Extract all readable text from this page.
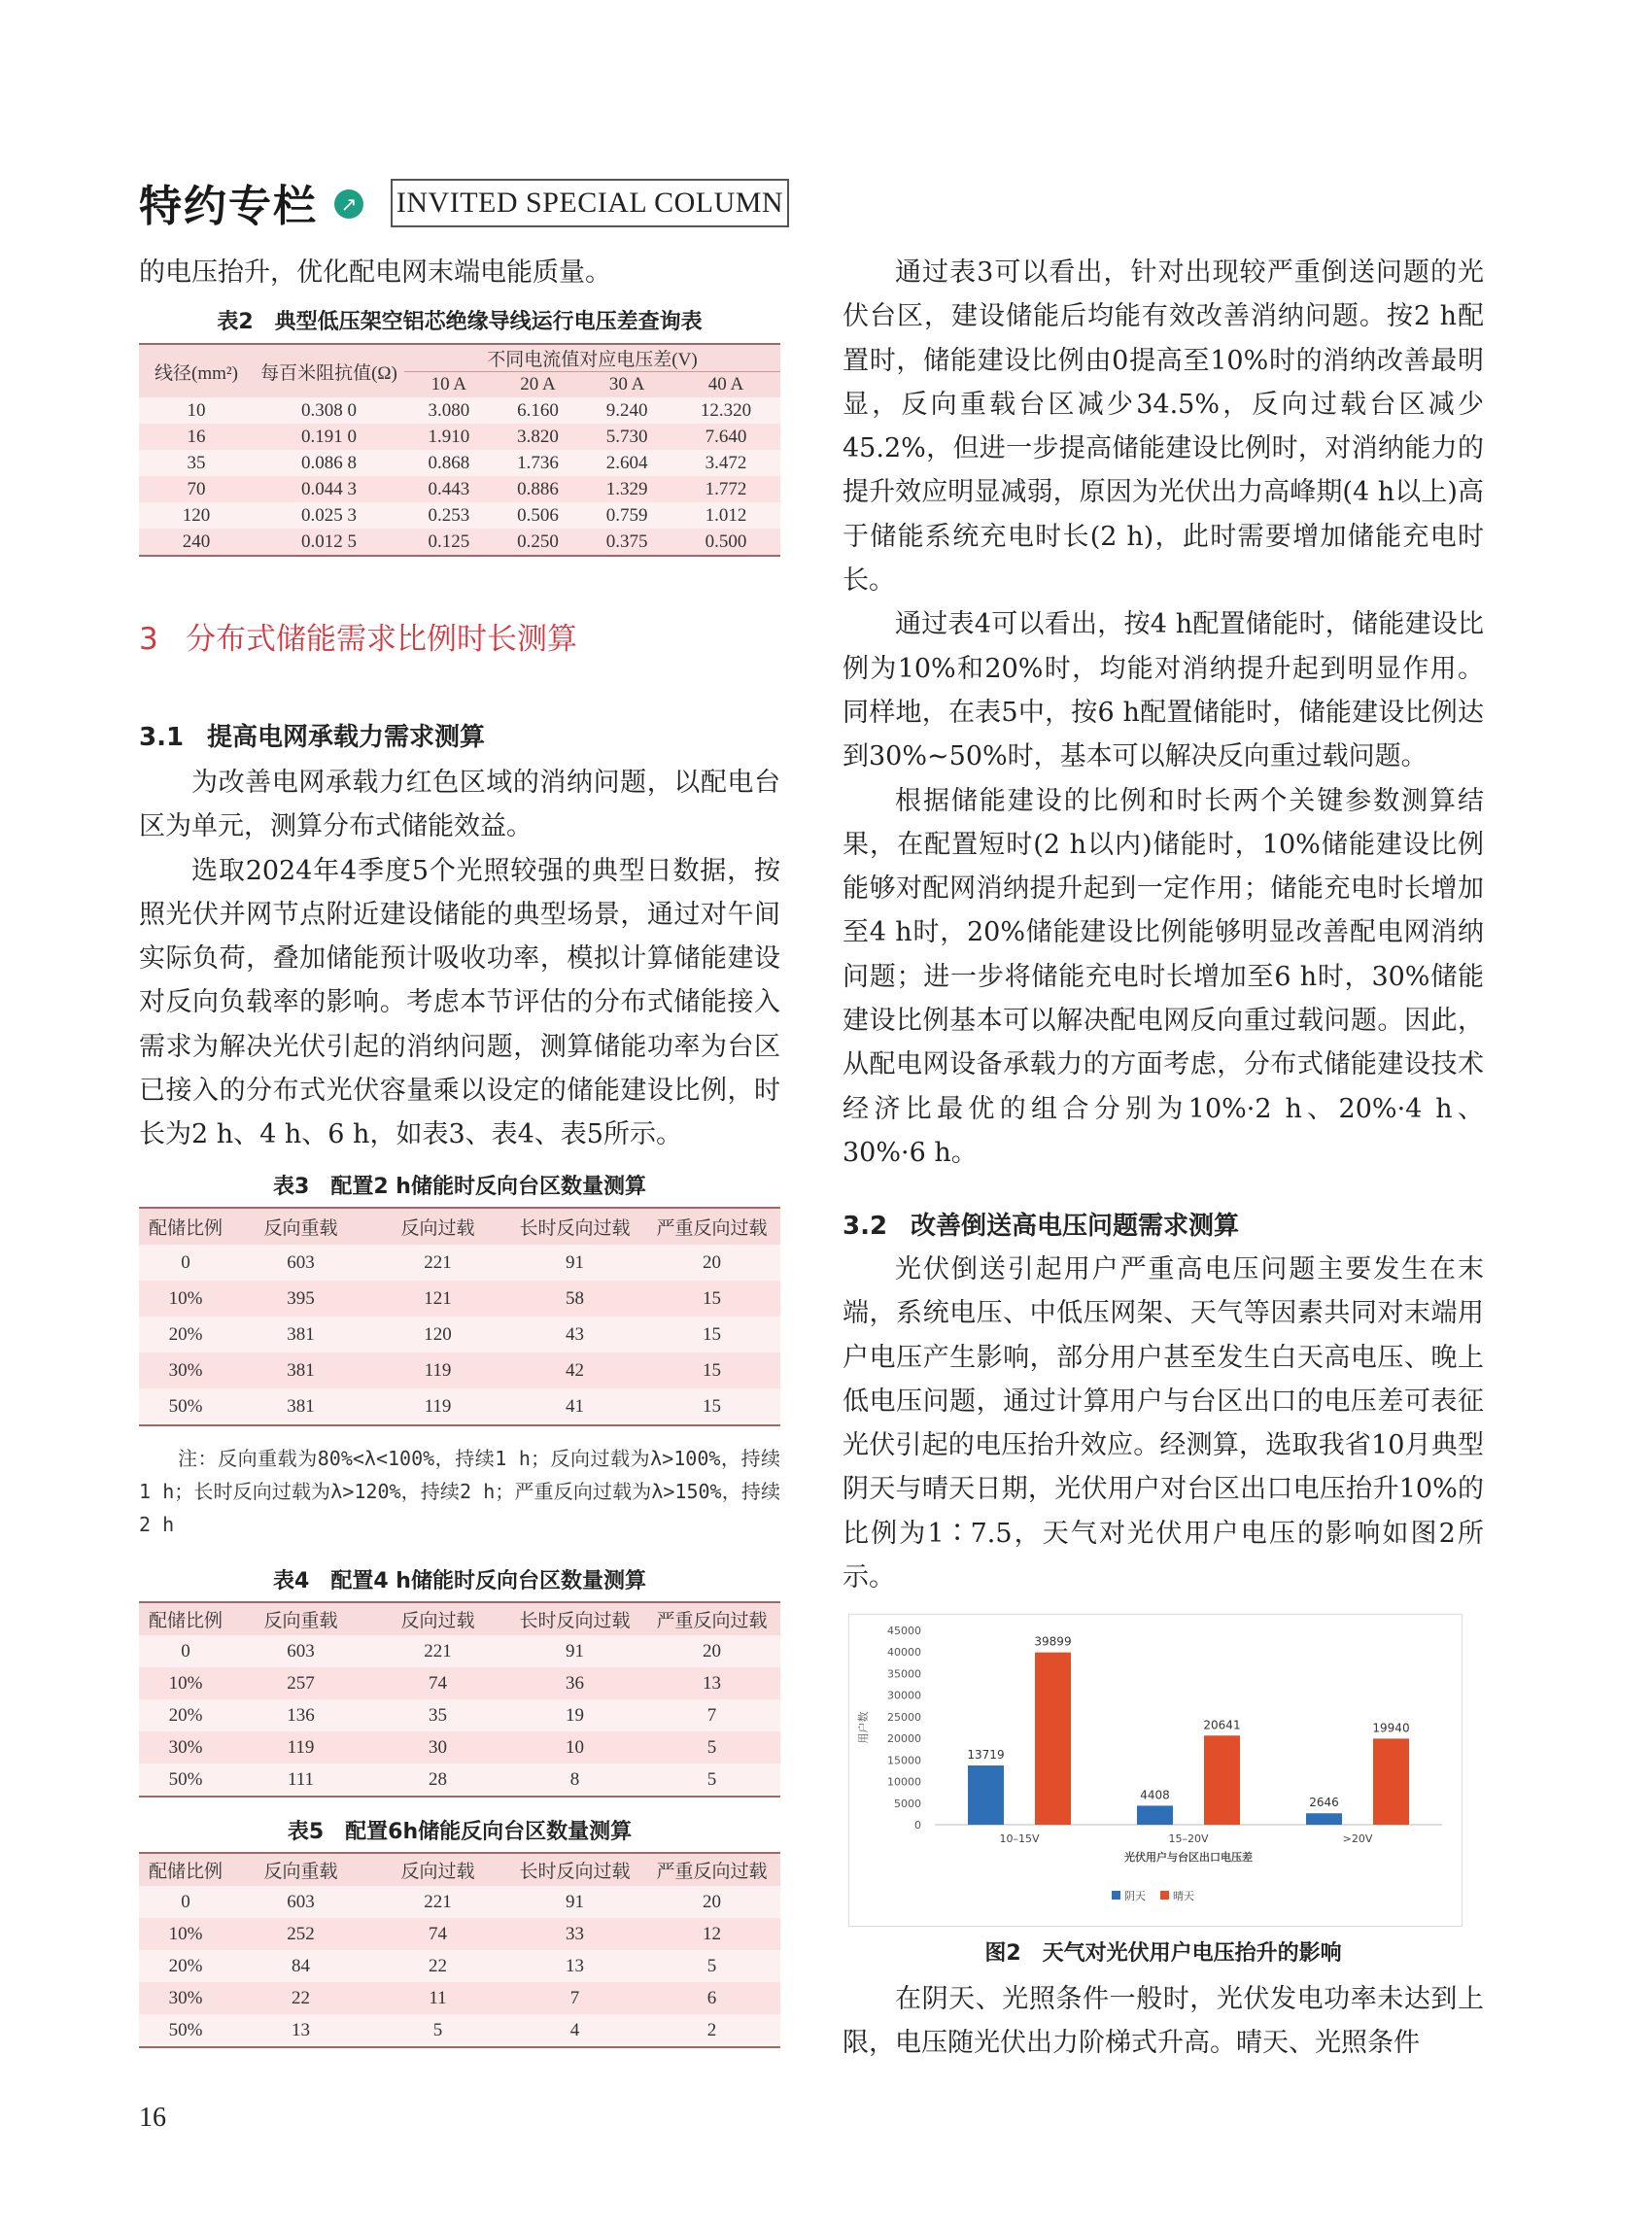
特约专栏	↗ INVITED SPECIAL COLUMN

的电压抬升，优化配电网末端电能质量。

表2　典型低压架空铝芯绝缘导线运行电压差查询表
线径(mm²)	每百米阻抗值(Ω)	不同电流值对应电压差(V)			
		10 A	20 A	30 A	40 A
10	0.308 0	3.080	6.160	9.240	12.320
16	0.191 0	1.910	3.820	5.730	7.640
35	0.086 8	0.868	1.736	2.604	3.472
70	0.044 3	0.443	0.886	1.329	1.772
120	0.025 3	0.253	0.506	0.759	1.012
240	0.012 5	0.125	0.250	0.375	0.500
3 分布式储能需求比例时长测算
3.1 提高电网承载力需求测算

为改善电网承载力红色区域的消纳问题，以配电台区为单元，测算分布式储能效益。

选取2024年4季度5个光照较强的典型日数据，按照光伏并网节点附近建设储能的典型场景，通过对午间实际负荷，叠加储能预计吸收功率，模拟计算储能建设对反向负载率的影响。考虑本节评估的分布式储能接入需求为解决光伏引起的消纳问题，测算储能功率为台区已接入的分布式光伏容量乘以设定的储能建设比例，时长为2 h、4 h、6 h，如表3、表4、表5所示。

表3　配置2 h储能时反向台区数量测算
配储比例	反向重载	反向过载	长时反向过载	严重反向过载
0	603	221	91	20
10%	395	121	58	15
20%	381	120	43	15
30%	381	119	42	15
50%	381	119	41	15
注：反向重载为80%<λ<100%，持续1 h；反向过载为λ>100%，持续1 h；长时反向过载为λ>120%，持续2 h；严重反向过载为λ>150%，持续2 h
表4　配置4 h储能时反向台区数量测算
配储比例	反向重载	反向过载	长时反向过载	严重反向过载
0	603	221	91	20
10%	257	74	36	13
20%	136	35	19	7
30%	119	30	10	5
50%	111	28	8	5
表5　配置6h储能反向台区数量测算
配储比例	反向重载	反向过载	长时反向过载	严重反向过载
0	603	221	91	20
10%	252	74	33	12
20%	84	22	13	5
30%	22	11	7	6
50%	13	5	4	2

通过表3可以看出，针对出现较严重倒送问题的光伏台区，建设储能后均能有效改善消纳问题。按2 h配置时，储能建设比例由0提高至10%时的消纳改善最明显，反向重载台区减少34.5%，反向过载台区减少45.2%，但进一步提高储能建设比例时，对消纳能力的提升效应明显减弱，原因为光伏出力高峰期(4 h以上)高于储能系统充电时长(2 h)，此时需要增加储能充电时长。

通过表4可以看出，按4 h配置储能时，储能建设比例为10%和20%时，均能对消纳提升起到明显作用。同样地，在表5中，按6 h配置储能时，储能建设比例达到30%~50%时，基本可以解决反向重过载问题。

根据储能建设的比例和时长两个关键参数测算结果，在配置短时(2 h以内)储能时，10%储能建设比例能够对配网消纳提升起到一定作用；储能充电时长增加至4 h时，20%储能建设比例能够明显改善配电网消纳问题；进一步将储能充电时长增加至6 h时，30%储能建设比例基本可以解决配电网反向重过载问题。因此，从配电网设备承载力的方面考虑，分布式储能建设技术经济比最优的组合分别为10%·2 h、20%·4 h、30%·6 h。

3.2 改善倒送高电压问题需求测算

光伏倒送引起用户严重高电压问题主要发生在末端，系统电压、中低压网架、天气等因素共同对末端用户电压产生影响，部分用户甚至发生白天高电压、晚上低电压问题，通过计算用户与台区出口的电压差可表征光伏引起的电压抬升效应。经测算，选取我省10月典型阴天与晴天日期，光伏用户对台区出口电压抬升10%的比例为1∶7.5，天气对光伏用户电压的影响如图2所示。

45000
40000
35000
30000
25000
20000
15000
10000
5000
0
用户数
13719
39899
10–15V
4408
20641
15–20V
2646
19940
>20V
光伏用户与台区出口电压差
阴天	晴天
图2　天气对光伏用户电压抬升的影响

在阴天、光照条件一般时，光伏发电功率未达到上限，电压随光伏出力阶梯式升高。晴天、光照条件

16
